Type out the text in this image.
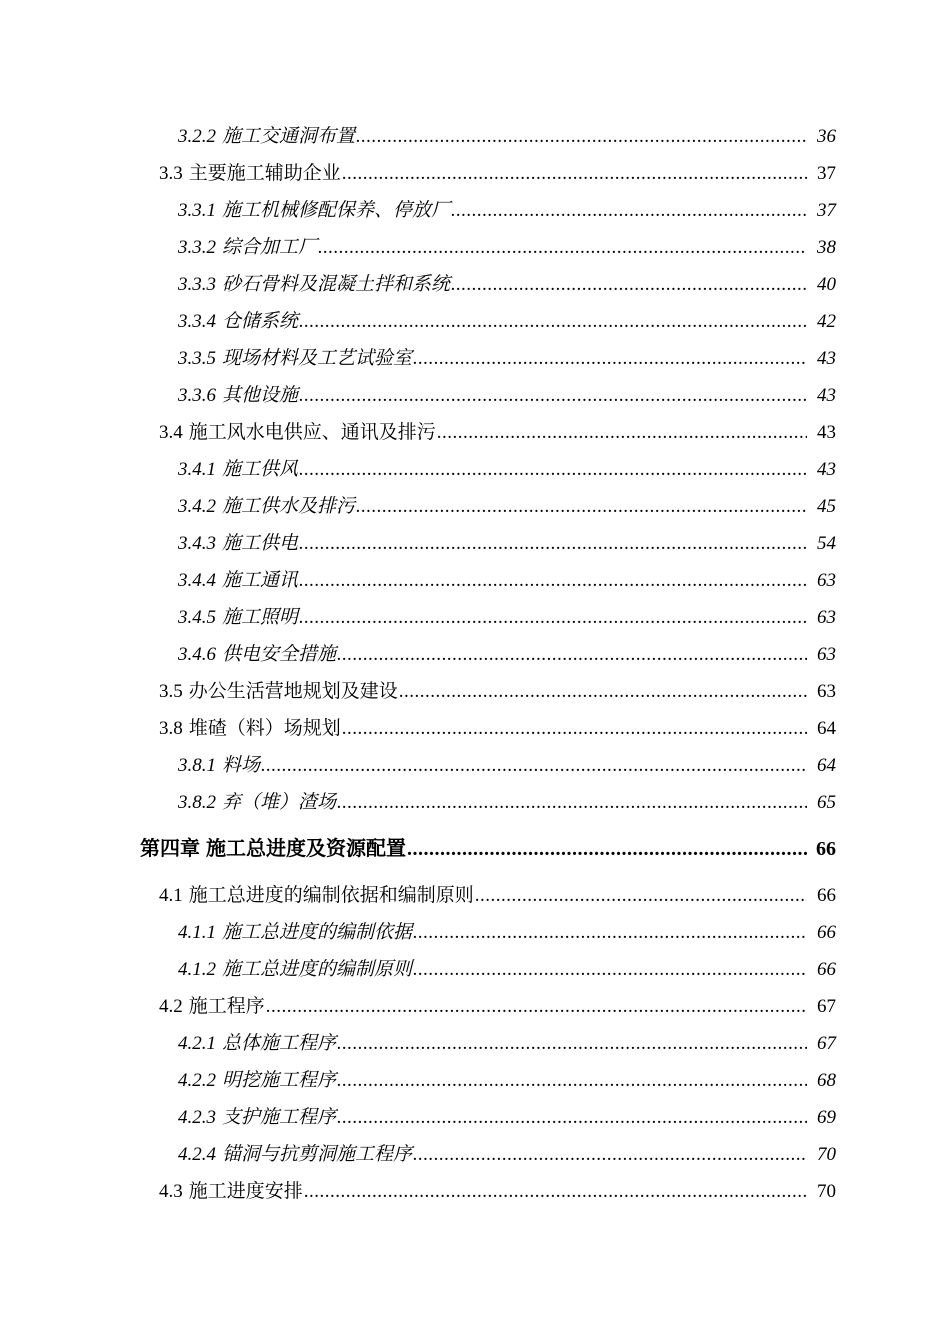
3.2.2 施工交通洞布置 .....	36
3.3 主要施工辅助企业 .....	37
3.3.1 施工机械修配保养、停放厂 .....	37
3.3.2 综合加工厂 .....	38
3.3.3 砂石骨料及混凝土拌和系统 .....	40
3.3.4 仓储系统 .....	42
3.3.5 现场材料及工艺试验室 .....	43
3.3.6 其他设施 .....	43
3.4 施工风水电供应、通讯及排污 .....	43
3.4.1 施工供风 .....	43
3.4.2 施工供水及排污 .....	45
3.4.3 施工供电 .....	54
3.4.4 施工通讯 .....	63
3.4.5 施工照明 .....	63
3.4.6 供电安全措施 .....	63
3.5 办公生活营地规划及建设 .....	63
3.8 堆碴（料）场规划 .....	64
3.8.1 料场 .....	64
3.8.2 弃（堆）渣场 .....	65
第四章 施工总进度及资源配置 .....	66
4.1 施工总进度的编制依据和编制原则 .....	66
4.1.1 施工总进度的编制依据 .....	66
4.1.2 施工总进度的编制原则 .....	66
4.2 施工程序 .....	67
4.2.1 总体施工程序 .....	67
4.2.2 明挖施工程序 .....	68
4.2.3 支护施工程序 .....	69
4.2.4 锚洞与抗剪洞施工程序 .....	70
4.3 施工进度安排 .....	70
